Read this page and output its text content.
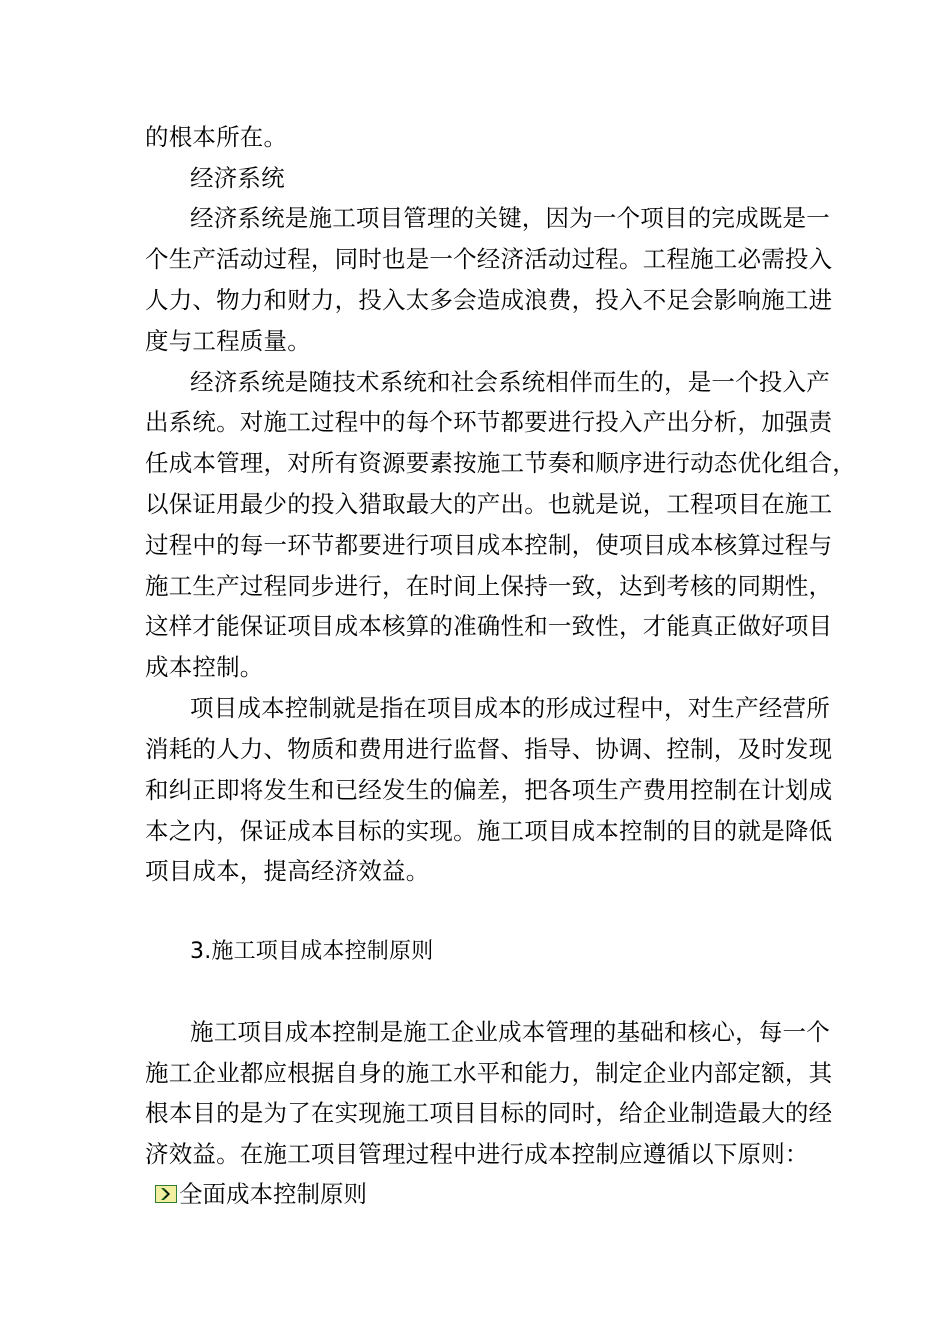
的根本所在。
经济系统
经济系统是施工项目管理的关键，因为一个项目的完成既是一
个生产活动过程，同时也是一个经济活动过程。工程施工必需投入
人力、物力和财力，投入太多会造成浪费，投入不足会影响施工进
度与工程质量。
经济系统是随技术系统和社会系统相伴而生的，是一个投入产
出系统。对施工过程中的每个环节都要进行投入产出分析，加强责
任成本管理，对所有资源要素按施工节奏和顺序进行动态优化组合，
以保证用最少的投入猎取最大的产出。也就是说，工程项目在施工
过程中的每一环节都要进行项目成本控制，使项目成本核算过程与
施工生产过程同步进行，在时间上保持一致，达到考核的同期性，
这样才能保证项目成本核算的准确性和一致性，才能真正做好项目
成本控制。
项目成本控制就是指在项目成本的形成过程中，对生产经营所
消耗的人力、物质和费用进行监督、指导、协调、控制，及时发现
和纠正即将发生和已经发生的偏差，把各项生产费用控制在计划成
本之内，保证成本目标的实现。施工项目成本控制的目的就是降低
项目成本，提高经济效益。
3.施工项目成本控制原则
施工项目成本控制是施工企业成本管理的基础和核心，每一个
施工企业都应根据自身的施工水平和能力，制定企业内部定额，其
根本目的是为了在实现施工项目目标的同时，给企业制造最大的经
济效益。在施工项目管理过程中进行成本控制应遵循以下原则：
全面成本控制原则
